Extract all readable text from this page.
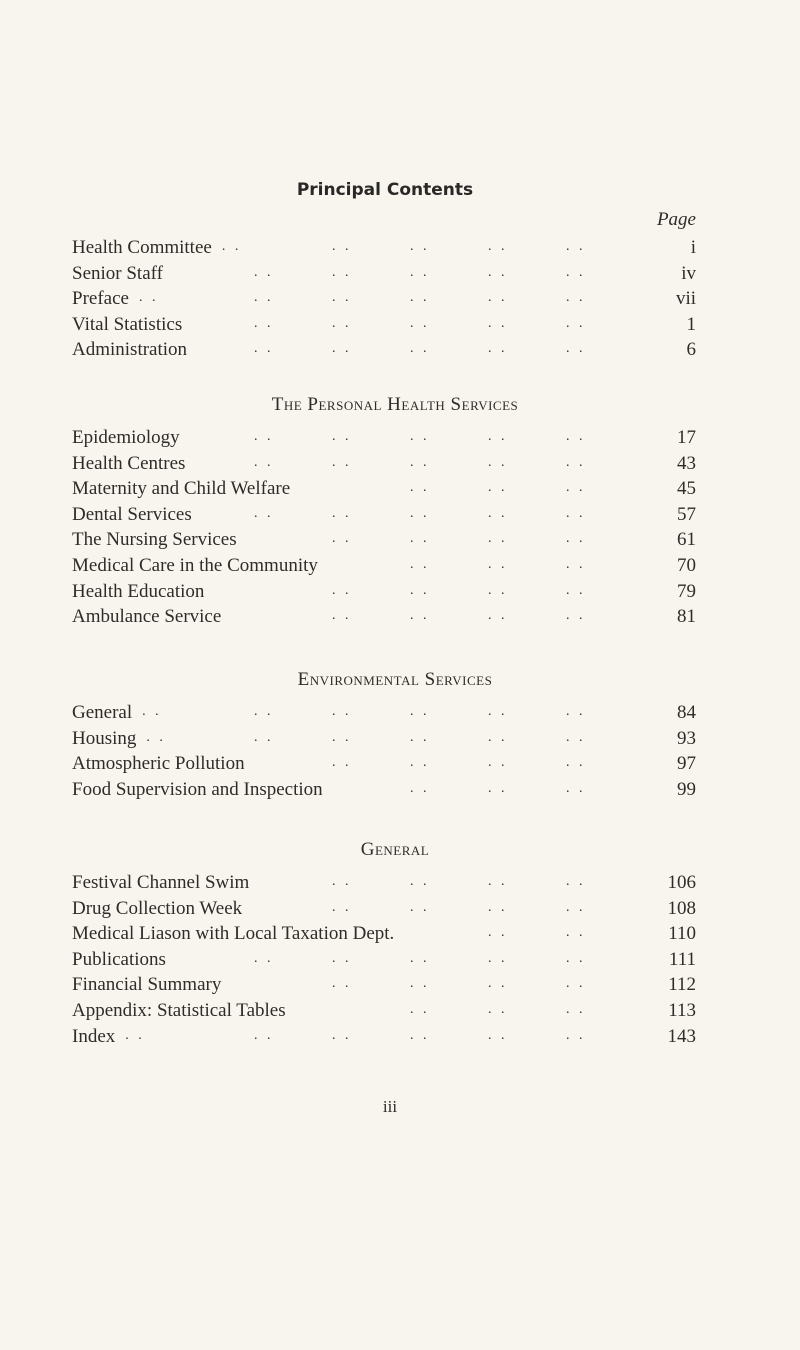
Principal Contents
Page
Health Committee . .	. .	. .	. .	. .	i
Senior Staff	. .	. .	. .	. .	. .	iv
Preface . .	. .	. .	. .	. .	. .	vii
Vital Statistics	. .	. .	. .	. .	. .	1
Administration	. .	. .	. .	. .	. .	6
Epidemiology	. .	. .	. .	. .	. .	17
Health Centres	. .	. .	. .	. .	. .	43
Maternity and Child Welfare	. .	. .	. .	45
Dental Services	. .	. .	. .	. .	. .	57
The Nursing Services	. .	. .	. .	. .	61
Medical Care in the Community	. .	. .	. .	70
Health Education	. .	. .	. .	. .	79
Ambulance Service	. .	. .	. .	. .	81
General . .	. .	. .	. .	. .	. .	84
Housing . .	. .	. .	. .	. .	. .	93
Atmospheric Pollution	. .	. .	. .	. .	97
Food Supervision and Inspection	. .	. .	. .	99
Festival Channel Swim	. .	. .	. .	. .	106
Drug Collection Week	. .	. .	. .	. .	108
Medical Liason with Local Taxation Dept.	. .	. .	110
Publications	. .	. .	. .	. .	. .	111
Financial Summary	. .	. .	. .	. .	112
Appendix: Statistical Tables	. .	. .	. .	113
Index . .	. .	. .	. .	. .	. .	143
iii
The Personal Health Services
Environmental Services
General
